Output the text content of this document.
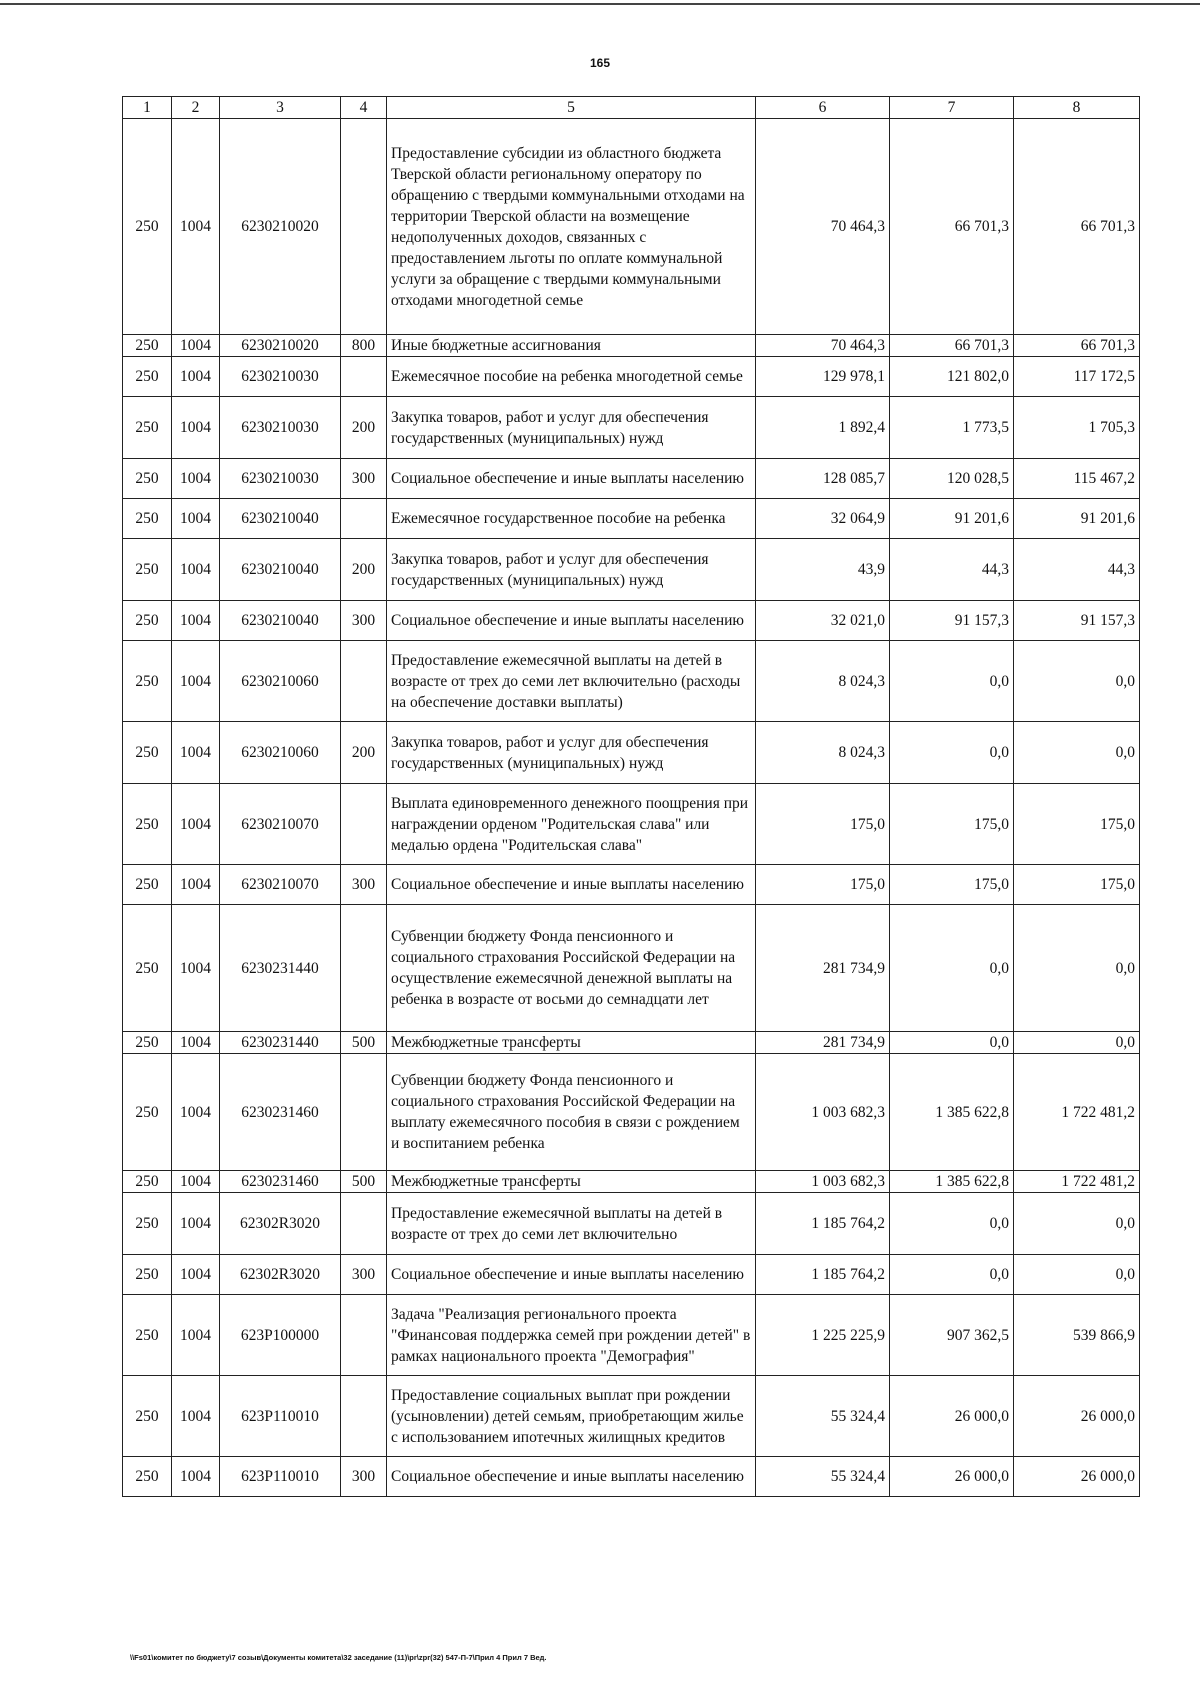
165
1	2	3	4	5	6	7	8
250	1004	6230210020		Предоставление субсидии из областного бюджета Тверской области региональному оператору по обращению с твердыми коммунальными отходами на территории Тверской области на возмещение недополученных доходов, связанных с предоставлением льготы по оплате коммунальной услуги за обращение с твердыми коммунальными отходами многодетной семье	70 464,3	66 701,3	66 701,3
250	1004	6230210020	800	Иные бюджетные ассигнования	70 464,3	66 701,3	66 701,3
250	1004	6230210030		Ежемесячное пособие на ребенка многодетной семье	129 978,1	121 802,0	117 172,5
250	1004	6230210030	200	Закупка товаров, работ и услуг для обеспечения государственных (муниципальных) нужд	1 892,4	1 773,5	1 705,3
250	1004	6230210030	300	Социальное обеспечение и иные выплаты населению	128 085,7	120 028,5	115 467,2
250	1004	6230210040		Ежемесячное государственное пособие на ребенка	32 064,9	91 201,6	91 201,6
250	1004	6230210040	200	Закупка товаров, работ и услуг для обеспечения государственных (муниципальных) нужд	43,9	44,3	44,3
250	1004	6230210040	300	Социальное обеспечение и иные выплаты населению	32 021,0	91 157,3	91 157,3
250	1004	6230210060		Предоставление ежемесячной выплаты на детей в возрасте от трех до семи лет включительно (расходы на обеспечение доставки выплаты)	8 024,3	0,0	0,0
250	1004	6230210060	200	Закупка товаров, работ и услуг для обеспечения государственных (муниципальных) нужд	8 024,3	0,0	0,0
250	1004	6230210070		Выплата единовременного денежного поощрения при награждении орденом "Родительская слава" или медалью ордена "Родительская слава"	175,0	175,0	175,0
250	1004	6230210070	300	Социальное обеспечение и иные выплаты населению	175,0	175,0	175,0
250	1004	6230231440		Субвенции бюджету Фонда пенсионного и социального страхования Российской Федерации на осуществление ежемесячной денежной выплаты на ребенка в возрасте от восьми до семнадцати лет	281 734,9	0,0	0,0
250	1004	6230231440	500	Межбюджетные трансферты	281 734,9	0,0	0,0
250	1004	6230231460		Субвенции бюджету Фонда пенсионного и социального страхования Российской Федерации на выплату ежемесячного пособия в связи с рождением и воспитанием ребенка	1 003 682,3	1 385 622,8	1 722 481,2
250	1004	6230231460	500	Межбюджетные трансферты	1 003 682,3	1 385 622,8	1 722 481,2
250	1004	62302R3020		Предоставление ежемесячной выплаты на детей в возрасте от трех до семи лет включительно	1 185 764,2	0,0	0,0
250	1004	62302R3020	300	Социальное обеспечение и иные выплаты населению	1 185 764,2	0,0	0,0
250	1004	623P100000		Задача "Реализация регионального проекта "Финансовая поддержка семей при рождении детей" в рамках национального проекта "Демография"	1 225 225,9	907 362,5	539 866,9
250	1004	623P110010		Предоставление социальных выплат при рождении (усыновлении) детей семьям, приобретающим жилье с использованием ипотечных жилищных кредитов	55 324,4	26 000,0	26 000,0
250	1004	623P110010	300	Социальное обеспечение и иные выплаты населению	55 324,4	26 000,0	26 000,0
\\Fs01\комитет по бюджету\7 созыв\Документы комитета\32 заседание (11)\pr\zpr(32) 547-П-7\Прил 4 Прил 7 Вед.
